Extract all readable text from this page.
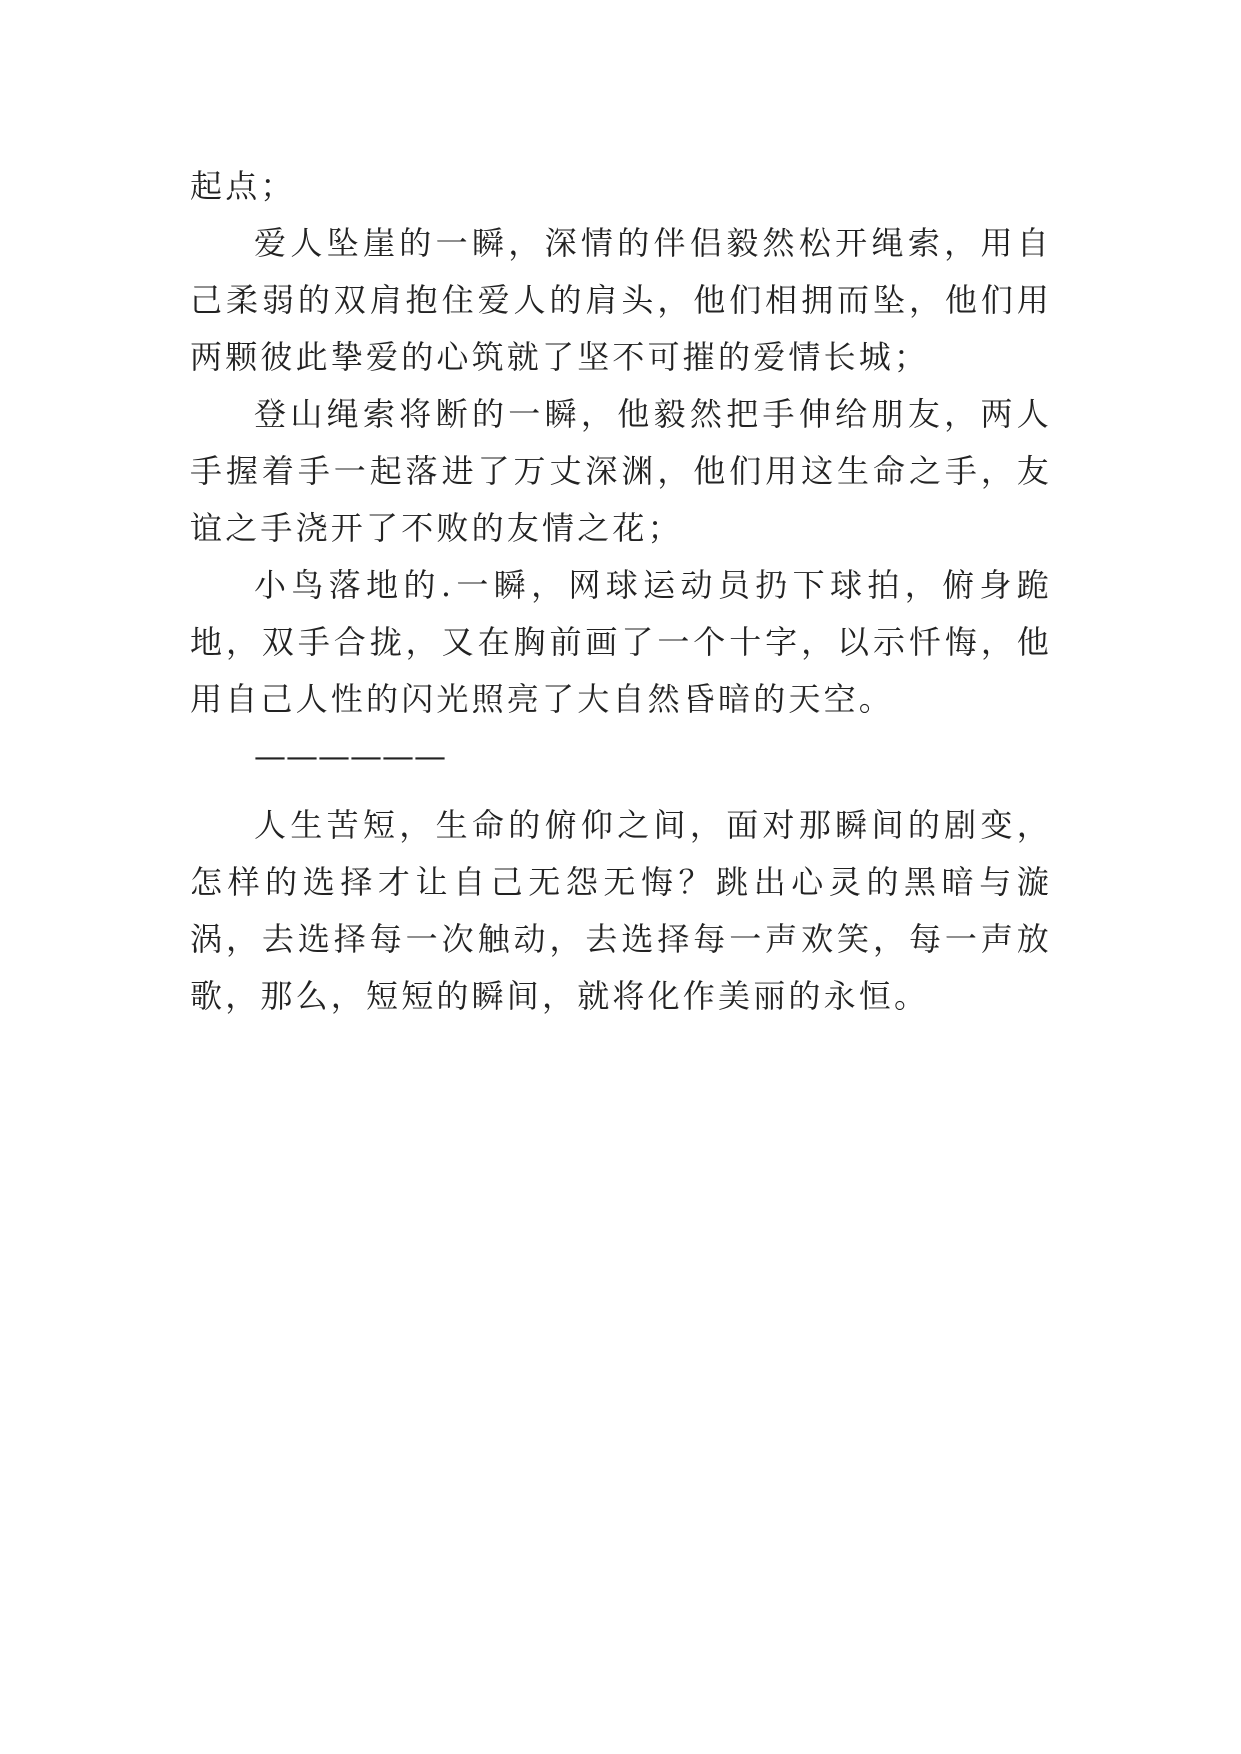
起点；

爱人坠崖的一瞬，深情的伴侣毅然松开绳索，用自己柔弱的双肩抱住爱人的肩头，他们相拥而坠，他们用两颗彼此挚爱的心筑就了坚不可摧的爱情长城；

登山绳索将断的一瞬，他毅然把手伸给朋友，两人手握着手一起落进了万丈深渊，他们用这生命之手，友谊之手浇开了不败的友情之花；

小鸟落地的.一瞬，网球运动员扔下球拍，俯身跪地，双手合拢，又在胸前画了一个十字，以示忏悔，他用自己人性的闪光照亮了大自然昏暗的天空。

——————

人生苦短，生命的俯仰之间，面对那瞬间的剧变，怎样的选择才让自己无怨无悔？跳出心灵的黑暗与漩涡，去选择每一次触动，去选择每一声欢笑，每一声放歌，那么，短短的瞬间，就将化作美丽的永恒。
